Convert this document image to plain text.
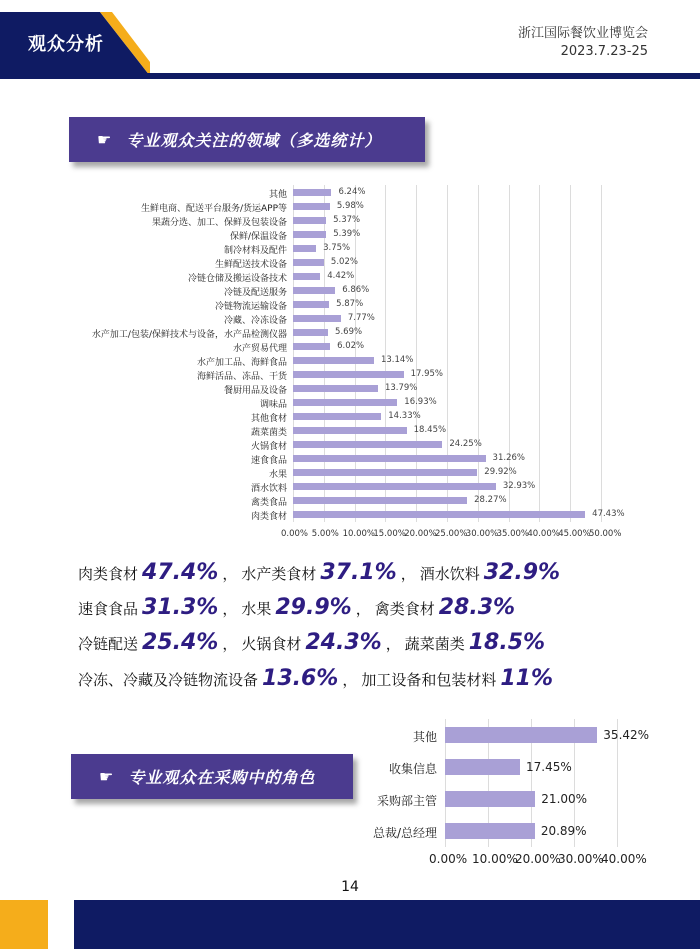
观众分析
浙江国际餐饮业博览会
2023.7.23-25
☛ 专业观众关注的领域（多选统计）
0.00% 5.00% 10.00%
15.00%
20.00%
25.00%
30.00%
35.00%
40.00%
45.00%
50.00%
其他	6.24%
生鲜电商、配送平台服务/货运APP等	5.98%
果蔬分选、加工、保鲜及包装设备	5.37%
保鲜/保温设备	5.39%
制冷材料及配件	3.75%
生鲜配送技术设备	5.02%
冷链仓储及搬运设备技术	4.42%
冷链及配送服务	6.86%
冷链物流运输设备	5.87%
冷藏、冷冻设备	7.77%
水产加工/包装/保鲜技术与设备，水产品检测仪器	5.69%
水产贸易代理	6.02%
水产加工品、海鲜食品	13.14%
海鲜活品、冻品、干货	17.95%
餐厨用品及设备	13.79%
调味品	16.93%
其他食材	14.33%
蔬菜菌类	18.45%
火锅食材	24.25%
速食食品	31.26%
水果	29.92%
酒水饮料	32.93%
禽类食品	28.27%
肉类食材	47.43%
肉类食材 47.4% ， 水产类食材 37.1% ， 酒水饮料 32.9%
速食食品 31.3% ， 水果 29.9% ， 禽类食材 28.3%
冷链配送 25.4% ， 火锅食材 24.3% ， 蔬菜菌类 18.5%
冷冻、冷藏及冷链物流设备 13.6% ， 加工设备和包装材料 11%
☛ 专业观众在采购中的角色
0.00% 10.00%
20.00%
30.00%
40.00%
其他	35.42%
收集信息	17.45%
采购部主管	21.00%
总裁/总经理	20.89%
14
